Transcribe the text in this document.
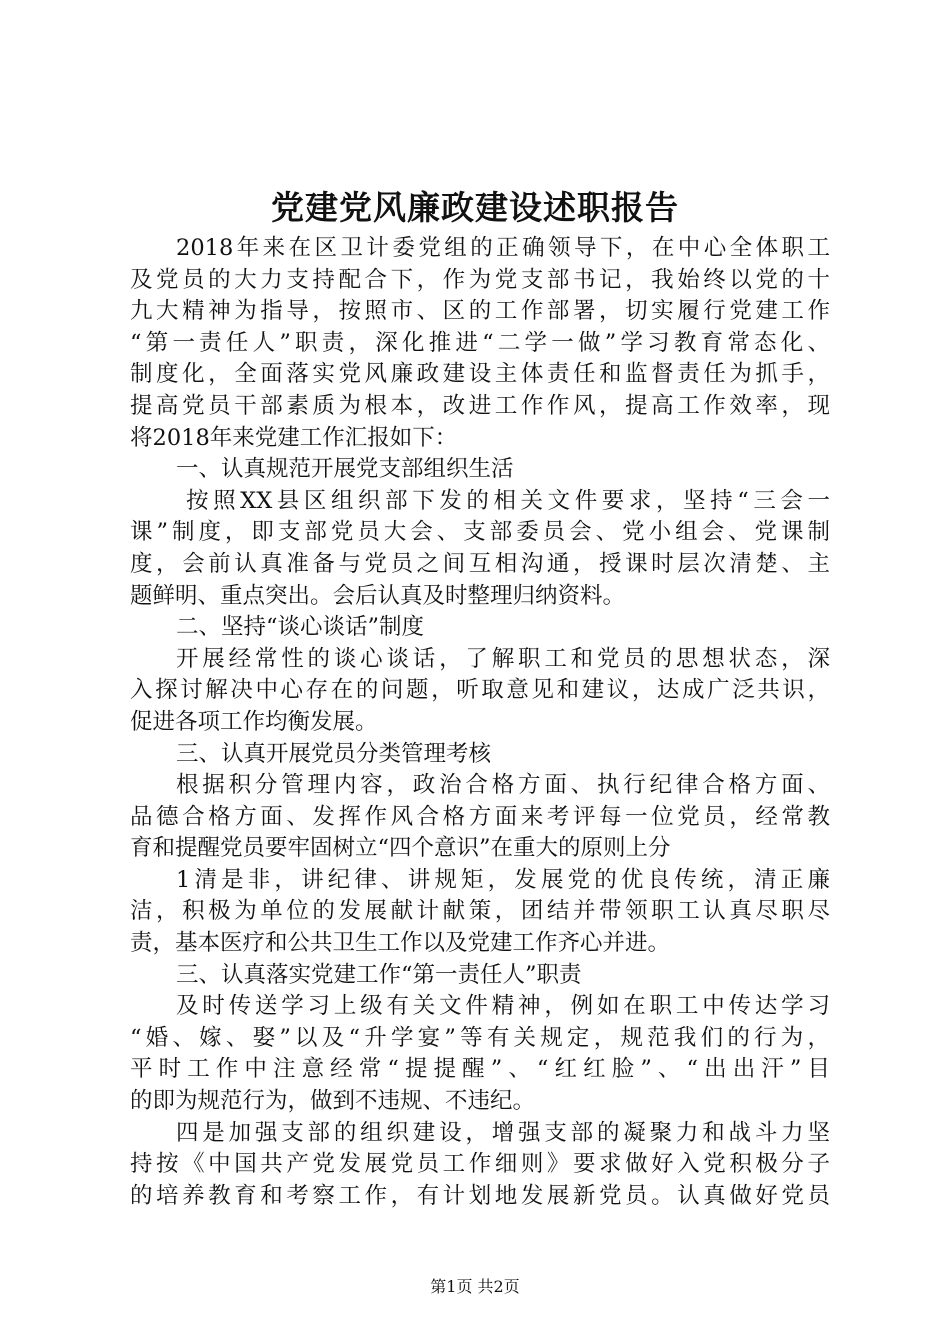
党建党风廉政建设述职报告
2018年来在区卫计委党组的正确领导下，在中心全体职工
及党员的大力支持配合下，作为党支部书记，我始终以党的十
九大精神为指导，按照市、区的工作部署，切实履行党建工作
“第一责任人”职责，深化推进“二学一做”学习教育常态化、
制度化，全面落实党风廉政建设主体责任和监督责任为抓手，
提高党员干部素质为根本，改进工作作风，提高工作效率，现
将2018年来党建工作汇报如下：
一、认真规范开展党支部组织生活
按照XX县区组织部下发的相关文件要求，坚持“三会一
课”制度，即支部党员大会、支部委员会、党小组会、党课制
度，会前认真准备与党员之间互相沟通，授课时层次清楚、主
题鲜明、重点突出。会后认真及时整理归纳资料。
二、坚持“谈心谈话”制度
开展经常性的谈心谈话，了解职工和党员的思想状态，深
入探讨解决中心存在的问题，听取意见和建议，达成广泛共识，
促进各项工作均衡发展。
三、认真开展党员分类管理考核
根据积分管理内容，政治合格方面、执行纪律合格方面、
品德合格方面、发挥作风合格方面来考评每一位党员，经常教
育和提醒党员要牢固树立“四个意识”在重大的原则上分
1清是非，讲纪律、讲规矩，发展党的优良传统，清正廉
洁，积极为单位的发展献计献策，团结并带领职工认真尽职尽
责，基本医疗和公共卫生工作以及党建工作齐心并进。
三、认真落实党建工作“第一责任人”职责
及时传送学习上级有关文件精神，例如在职工中传达学习
“婚、嫁、娶”以及“升学宴”等有关规定，规范我们的行为，
平时工作中注意经常“提提醒”、“红红脸”、“出出汗”目
的即为规范行为，做到不违规、不违纪。
四是加强支部的组织建设，增强支部的凝聚力和战斗力坚
持按《中国共产党发展党员工作细则》要求做好入党积极分子
的培养教育和考察工作，有计划地发展新党员。认真做好党员
第1页 共2页
